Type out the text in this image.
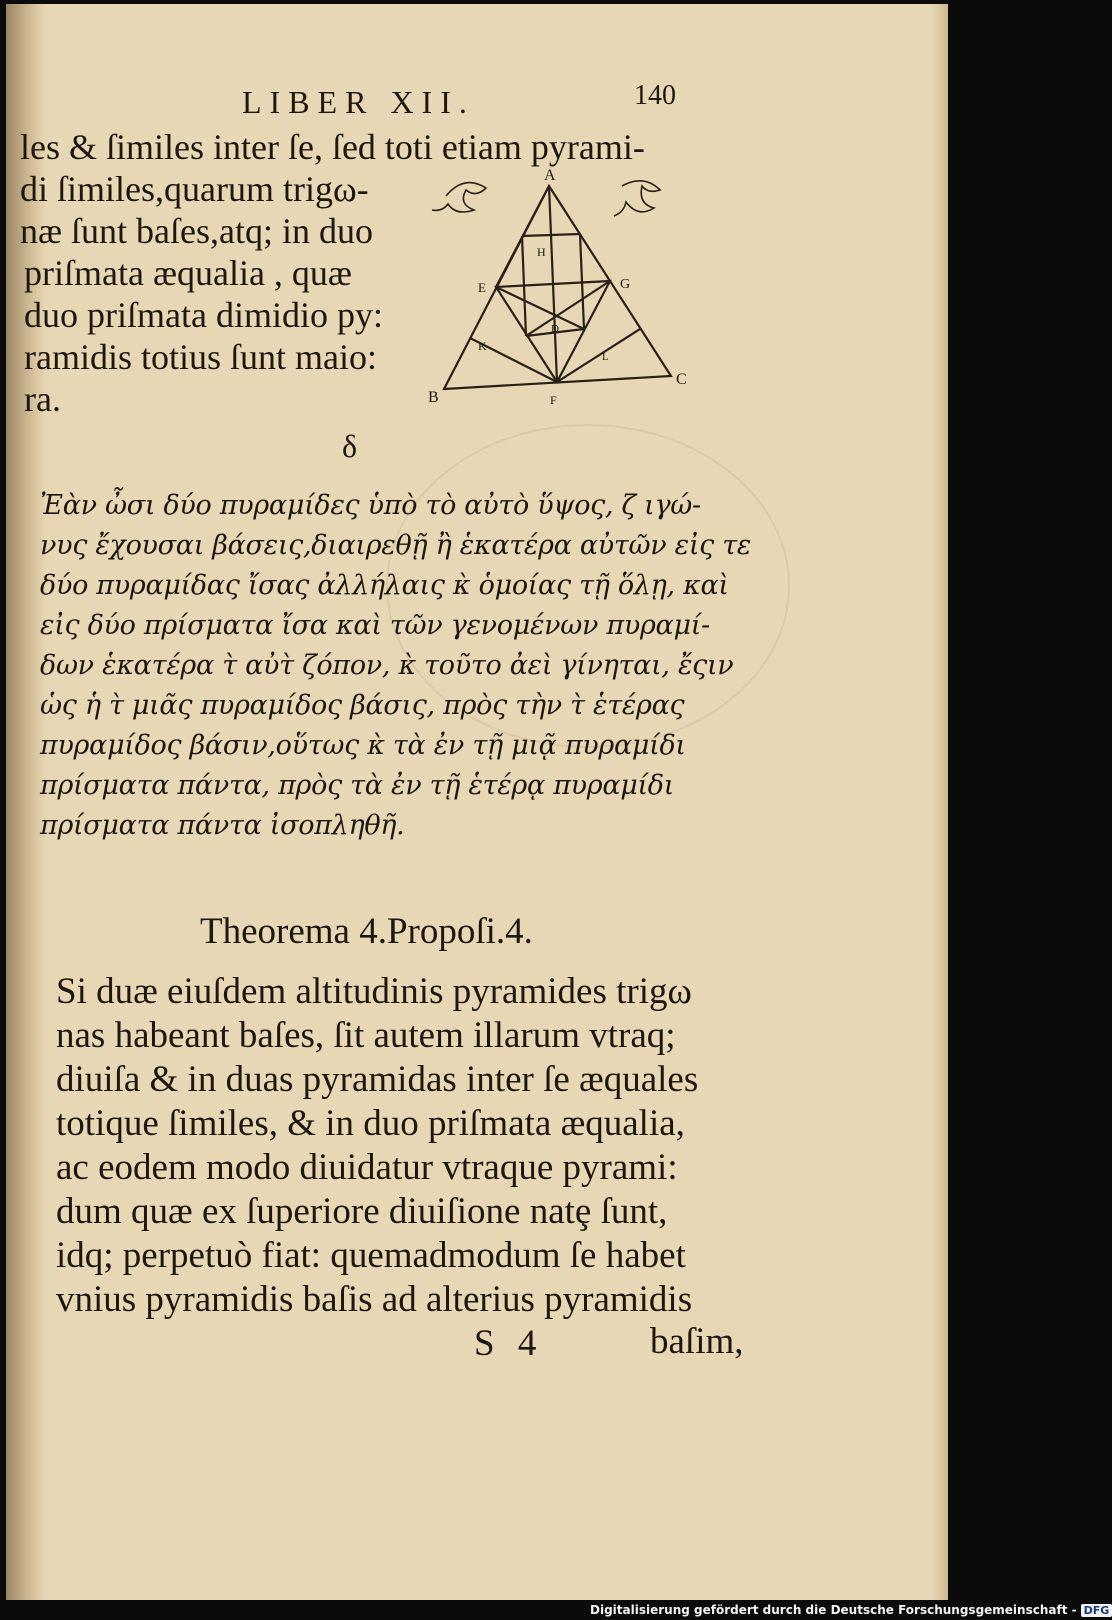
LIBER XII.	140
les & ſimiles inter ſe, ſed toti etiam pyrami-
di ſimiles,quarum trigω-
næ ſunt baſes,atq; in duo
priſmata æqualia , quæ
duo priſmata dimidio py:
ramidis totius ſunt maio:
ra.
A
H
E	G
D
K
L
B	F
C
δ
Ἐὰν ὦσι δύο πυραμίδες ὑπὸ τὸ αὐτὸ ὕψος, ζ ιγώ-
νυς ἔχουσαι βάσεις,διαιρεθῇ ἢ ἑκατέρα αὐτῶν εἰς τε
δύο πυραμίδας ἴσας ἀλλήλαις κ̀ ὁμοίας τῇ ὅλῃ, καὶ
εἰς δύο πρίσματα ἴσα καὶ τῶν γενομένων πυραμί-
δων ἑκατέρα τ̀ αὐτ̀ ζόπον, κ̀ τοῦτο ἀεὶ γίνηται, ἔςιν
ὡς ἡ τ̀ μιᾶς πυραμίδος βάσις, πρὸς τὴν τ̀ ἑτέρας
πυραμίδος βάσιν,οὕτως κ̀ τὰ ἐν τῇ μιᾷ πυραμίδι
πρίσματα πάντα, πρὸς τὰ ἐν τῇ ἑτέρᾳ πυραμίδι
πρίσματα πάντα ἰσοπληθῆ.
Theorema 4.Propoſi.4.
Si duæ eiuſdem altitudinis pyramides trigω
nas habeant baſes, ſit autem illarum vtraq;
diuiſa & in duas pyramidas inter ſe æquales
totique ſimiles, & in duo priſmata æqualia,
ac eodem modo diuidatur vtraque pyrami:
dum quæ ex ſuperiore diuiſione natȩ ſunt,
idq; perpetuò fiat: quemadmodum ſe habet
vnius pyramidis baſis ad alterius pyramidis
S 4	baſim,
Digitalisierung gefördert durch die Deutsche Forschungsgemeinschaft - DFG
